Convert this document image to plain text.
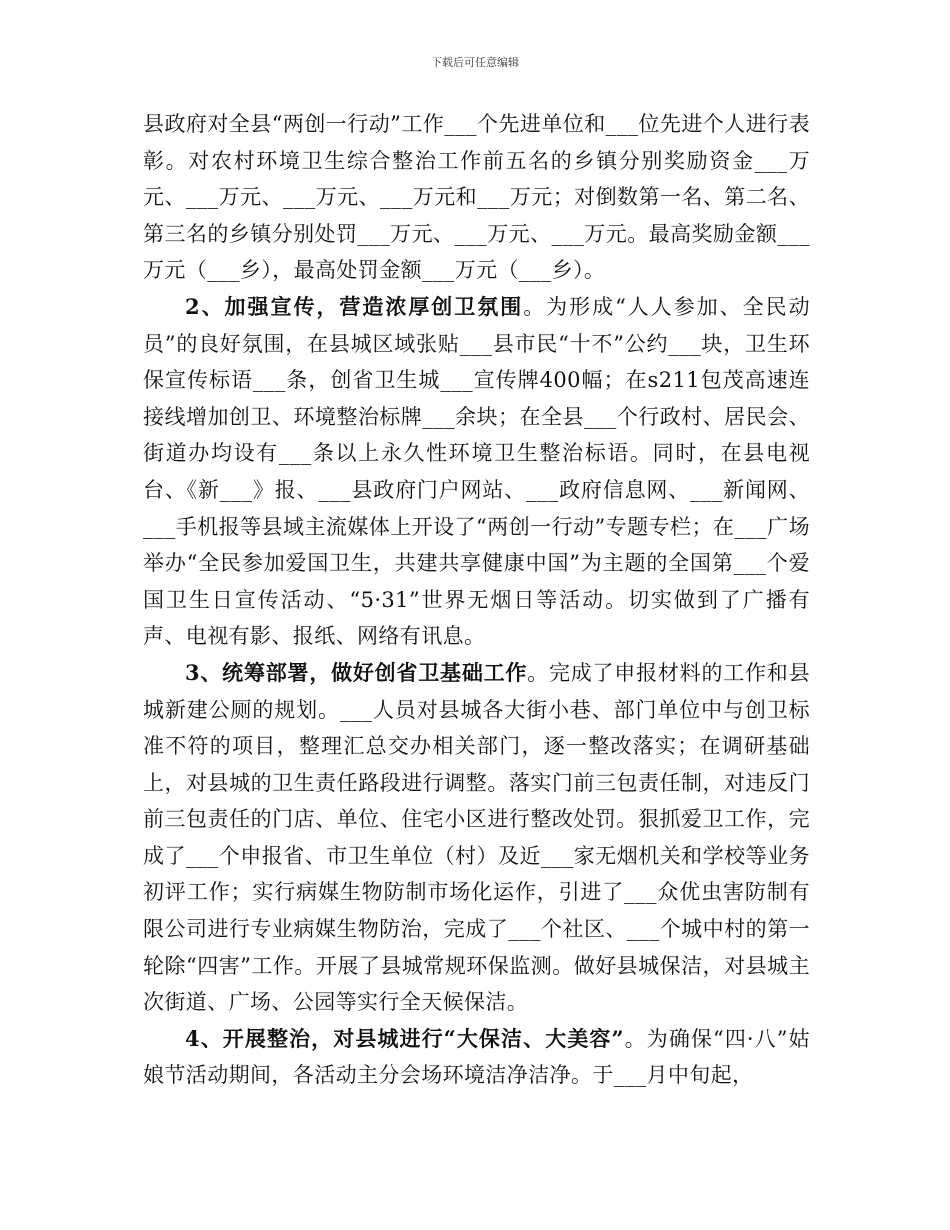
下载后可任意编辑

县政府对全县“两创一行动”工作___个先进单位和___位先进个人进行表彰。对农村环境卫生综合整治工作前五名的乡镇分别奖励资金___万元、___万元、___万元、___万元和___万元；对倒数第一名、第二名、第三名的乡镇分别处罚___万元、___万元、___万元。最高奖励金额___万元（___乡），最高处罚金额___万元（___乡）。

2、加强宣传，营造浓厚创卫氛围。为形成“人人参加、全民动员”的良好氛围，在县城区域张贴___县市民“十不”公约___块，卫生环保宣传标语___条，创省卫生城___宣传牌400幅；在s211包茂高速连接线增加创卫、环境整治标牌___余块；在全县___个行政村、居民会、街道办均设有___条以上永久性环境卫生整治标语。同时，在县电视台、《新___》报、___县政府门户网站、___政府信息网、___新闻网、___手机报等县域主流媒体上开设了“两创一行动”专题专栏；在___广场举办“全民参加爱国卫生，共建共享健康中国”为主题的全国第___个爱国卫生日宣传活动、“5·31”世界无烟日等活动。切实做到了广播有声、电视有影、报纸、网络有讯息。

3、统筹部署，做好创省卫基础工作。完成了申报材料的工作和县城新建公厕的规划。___人员对县城各大街小巷、部门单位中与创卫标准不符的项目，整理汇总交办相关部门，逐一整改落实；在调研基础上，对县城的卫生责任路段进行调整。落实门前三包责任制，对违反门前三包责任的门店、单位、住宅小区进行整改处罚。狠抓爱卫工作，完成了___个申报省、市卫生单位（村）及近___家无烟机关和学校等业务初评工作；实行病媒生物防制市场化运作，引进了___众优虫害防制有限公司进行专业病媒生物防治，完成了___个社区、___个城中村的第一轮除“四害”工作。开展了县城常规环保监测。做好县城保洁，对县城主次街道、广场、公园等实行全天候保洁。

4、开展整治，对县城进行“大保洁、大美容”。为确保“四·八”姑娘节活动期间，各活动主分会场环境洁净洁净。于___月中旬起，
